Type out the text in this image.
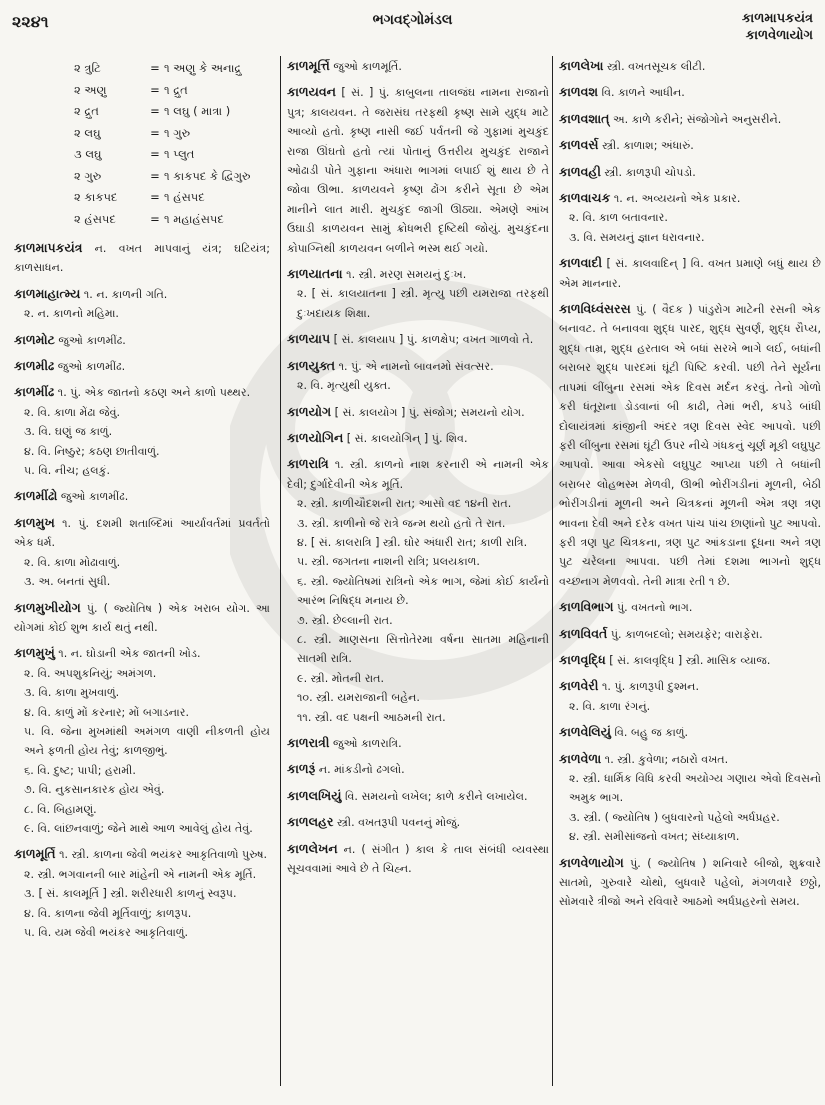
૨૨૪૧	ભગવદ્ગોમંડલ	કાળમાપકયંત્ર
કાળવેળાયોગ
૨ ત્રુટિ	= ૧ અણુ કે અનાદ્રુ
૨ અણુ	= ૧ દ્રુત
૨ દ્રુત	= ૧ લઘુ ( માત્રા )
૨ લઘુ	= ૧ ગુરુ
૩ લઘુ	= ૧ પ્લુત
૨ ગુરુ	= ૧ કાકપદ કે દ્વિગુરુ
૨ કાકપદ	= ૧ હંસપદ
૨ હંસપદ	= ૧ મહાહંસપદ
કાળમાપકયંત્ર ન. વખત માપવાનું યંત્ર; ઘટિયંત્ર; કાળસાધન.
કાળમાહાત્મ્ય ૧. ન. કાળની ગતિ.
૨. ન. કાળનો મહિમા.
કાળમોટ જુઓ કાળમીંઢ.
કાળમીઢ જુઓ કાળમીંઢ.
કાળમીંઢ ૧. પું. એક જાતનો કઠણ અને કાળો પથ્થર.
૨. વિ. કાળા મેંઢા જેવું.
૩. વિ. ઘણું જ કાળું.
૪. વિ. નિષ્ઠુર; કઠણ છાતીવાળું.
૫. વિ. નીચ; હલકું.
કાળમીંઢો જુઓ કાળમીંઢ.
કાળમુખ ૧. પું. દશમી શતાબ્દિમાં આર્યાવર્તમાં પ્રવર્તતો એક ધર્મ.
૨. વિ. કાળા મોઢાવાળું.
૩. અ. બનતાં સુધી.
કાળમુખીયોગ પું. ( જ્યોતિષ ) એક ખરાબ યોગ. આ યોગમાં કોઈ શુભ કાર્ય થતું નથી.
કાળમુખું ૧. ન. ઘોડાની એક જાતની ખોડ.
૨. વિ. અપશુકનિયું; અમંગળ.
૩. વિ. કાળા મુખવાળું.
૪. વિ. કાળું મોં કરનાર; મોં બગાડનાર.
૫. વિ. જેના મુખમાંથી અમંગળ વાણી નીકળતી હોય અને ફળતી હોય તેવું; કાળજીભું.
૬. વિ. દુષ્ટ; પાપી; હરામી.
૭. વિ. નુકસાનકારક હોય એવું.
૮. વિ. બિહામણું.
૯. વિ. લાંછનવાળું; જેને માથે આળ આવેલું હોય તેવું.
કાળમૂર્તિ ૧. સ્ત્રી. કાળના જેવી ભયંકર આકૃતિવાળો પુરુષ.
૨. સ્ત્રી. ભગવાનની બાર માંહેની એ નામની એક મૂર્તિ.
૩. [ સં. કાલમૂર્તિ ] સ્ત્રી. શરીરધારી કાળનું સ્વરૂપ.
૪. વિ. કાળના જેવી મૂર્તિવાળું; કાળરૂપ.
૫. વિ. યમ જેવી ભયંકર આકૃતિવાળું.
કાળમૂર્ત્તિ જુઓ કાળમૂર્તિ.
કાળયવન [ સં. ] પું. કાબુલના તાલજંઘ નામના રાજાનો પુત્ર; કાલયવન. તે જરાસંઘ તરફથી કૃષ્ણ સામે યુદ્ધ માટે આવ્યો હતો. કૃષ્ણ નાસી જઈ પર્વતની જે ગુફામાં મુચકુંદ રાજા ઊંઘતો હતો ત્યાં પોતાનું ઉત્તરીય મુચકુંદ રાજાને ઓઢાડી પોતે ગુફાના અંધારા ભાગમાં લપાઈ શું થાય છે તે જોવા ઊભા. કાળયવને કૃષ્ણ ઢોંગ કરીને સૂતા છે એમ માનીને લાત મારી. મુચકુંદ જાગી ઊઠ્યા. એમણે આંખ ઉઘાડી કાળયવન સામું ક્રોધભરી દૃષ્ટિથી જોયું. મુચકુંદના કોપાગ્નિથી કાળયવન બળીને ભસ્મ થઈ ગયો.
કાળયાતના ૧. સ્ત્રી. મરણ સમયનું દુઃખ.
૨. [ સં. કાલયાતના ] સ્ત્રી. મૃત્યુ પછી યમરાજા તરફથી દુઃખદાયક શિક્ષા.
કાળયાપ [ સં. કાલયાપ ] પું. કાળક્ષેપ; વખત ગાળવો તે.
કાળયુક્ત ૧. પું. એ નામનો બાવનમો સંવત્સર.
૨. વિ. મૃત્યુથી યુક્ત.
કાળયોગ [ સં. કાલયોગ ] પું. સંજોગ; સમયનો યોગ.
કાળયોગિન [ સં. કાલયોગિન્ ] પું. શિવ.
કાળરાત્રિ ૧. સ્ત્રી. કાળનો નાશ કરનારી એ નામની એક દેવી; દુર્ગાદેવીની એક મૂર્તિ.
૨. સ્ત્રી. કાળીચૌદશની રાત; આસો વદ ૧૪ની રાત.
૩. સ્ત્રી. કાળીનો જે રાત્રે જન્મ થયો હતો તે રાત.
૪. [ સં. કાલરાત્રિ ] સ્ત્રી. ઘોર અંધારી રાત; કાળી રાત્રિ.
૫. સ્ત્રી. જગતના નાશની રાત્રિ; પ્રલયકાળ.
૬. સ્ત્રી. જ્યોતિષમાં રાત્રિનો એક ભાગ, જેમાં કોઈ કાર્યનો આરંભ નિષિદ્ધ મનાય છે.
૭. સ્ત્રી. છેલ્લાની રાત.
૮. સ્ત્રી. માણસના સિત્તોતેરમા વર્ષના સાતમા મહિનાની સાતમી રાત્રિ.
૯. સ્ત્રી. મોતની રાત.
૧૦. સ્ત્રી. યમરાજાની બહેન.
૧૧. સ્ત્રી. વદ પક્ષની આઠમની રાત.
કાળરાત્રી જુઓ કાળરાત્રિ.
કાળરૂં ન. માંકડીનો ઢગલો.
કાળલખિયું વિ. સમયનો લખેલ; કાળે કરીને લખાયેલ.
કાળલહર સ્ત્રી. વખતરૂપી પવનનું મોજું.
કાળલેખન ન. ( સંગીત ) કાલ કે તાલ સંબંધી વ્યવસ્થા સૂચવવામાં આવે છે તે ચિહ્ન.
કાળલેખા સ્ત્રી. વખતસૂચક લીટી.
કાળવશ વિ. કાળને આધીન.
કાળવશાત્ અ. કાળે કરીને; સંજોગોને અનુસરીને.
કાળવર્સ સ્ત્રી. કાળાશ; અંધારું.
કાળવહી સ્ત્રી. કાળરૂપી ચોપડો.
કાળવાચક ૧. ન. અવ્યયનો એક પ્રકાર.
૨. વિ. કાળ બતાવનાર.
૩. વિ. સમયનું જ્ઞાન ધરાવનાર.
કાળવાદી [ સં. કાલવાદિન્ ] વિ. વખત પ્રમાણે બધું થાય છે એમ માનનાર.
કાળવિધ્વંસરસ પું. ( વૈદક ) પાંડુરોગ માટેની રસની એક બનાવટ. તે બનાવવા શુદ્ધ પારદ, શુદ્ધ સુવર્ણ, શુદ્ધ રૌપ્ય, શુદ્ધ તામ્ર, શુદ્ધ હરતાલ એ બધાં સરખે ભાગે લઈ, બધાંની બરાબર શુદ્ધ પારદમાં ઘૂંટી પિષ્ટિ કરવી. પછી તેને સૂર્યના તાપમાં લીંબુના રસમાં એક દિવસ મર્દન કરવું. તેનો ગોળો કરી ધંતૂરાના ડોડવાનાં બી કાઢી, તેમાં ભરી, કપડે બાંધી દોલાયંત્રમાં કાંજીની અંદર ત્રણ દિવસ સ્વેદ આપવો. પછી ફરી લીંબુના રસમાં ઘૂંટી ઉપર નીચે ગંધકનું ચૂર્ણ મૂકી લઘુપુટ આપવો. આવા એકસો લઘુપુટ આપ્યા પછી તે બધાંની બરાબર લોહભસ્મ મેળવી, ઊભી ભોરીંગડીનાં મૂળની, બેઠી ભોરીંગડીનાં મૂળની અને ચિત્રકનાં મૂળની એમ ત્રણ ત્રણ ભાવના દેવી અને દરેક વખત પાંચ પાંચ છાણાંનો પુટ આપવો. ફરી ત્રણ પુટ ચિત્રકના, ત્રણ પુટ આંકડાના દૂધના અને ત્રણ પુટ ચરેલના આપવા. પછી તેમાં દશમા ભાગનો શુદ્ધ વચ્છનાગ મેળવવો. તેની માત્રા રતી ૧ છે.
કાળવિભાગ પું. વખતનો ભાગ.
કાળવિવર્ત પું. કાળબદલો; સમયફેર; વારાફેરા.
કાળવૃદ્ધિ [ સં. કાલવૃદ્ધિ ] સ્ત્રી. માસિક વ્યાજ.
કાળવેરી ૧. પું. કાળરૂપી દુશ્મન.
૨. વિ. કાળા રંગનું.
કાળવેલિયું વિ. બહુ જ કાળું.
કાળવેળા ૧. સ્ત્રી. કુવેળા; નઠારો વખત.
૨. સ્ત્રી. ધાર્મિક વિધિ કરવી અયોગ્ય ગણાય એવો દિવસનો અમુક ભાગ.
૩. સ્ત્રી. ( જ્યોતિષ ) બુધવારનો પહેલો અર્ધપ્રહર.
૪. સ્ત્રી. સમીસાંજનો વખત; સંધ્યાકાળ.
કાળવેળાયોગ પું. ( જ્યોતિષ ) શનિવારે બીજો, શુક્રવારે સાતમો, ગુરુવારે ચોથો, બુધવારે પહેલો, મંગળવારે છઠ્ઠો, સોમવારે ત્રીજો અને રવિવારે આઠમો અર્ધપ્રહરનો સમય.
